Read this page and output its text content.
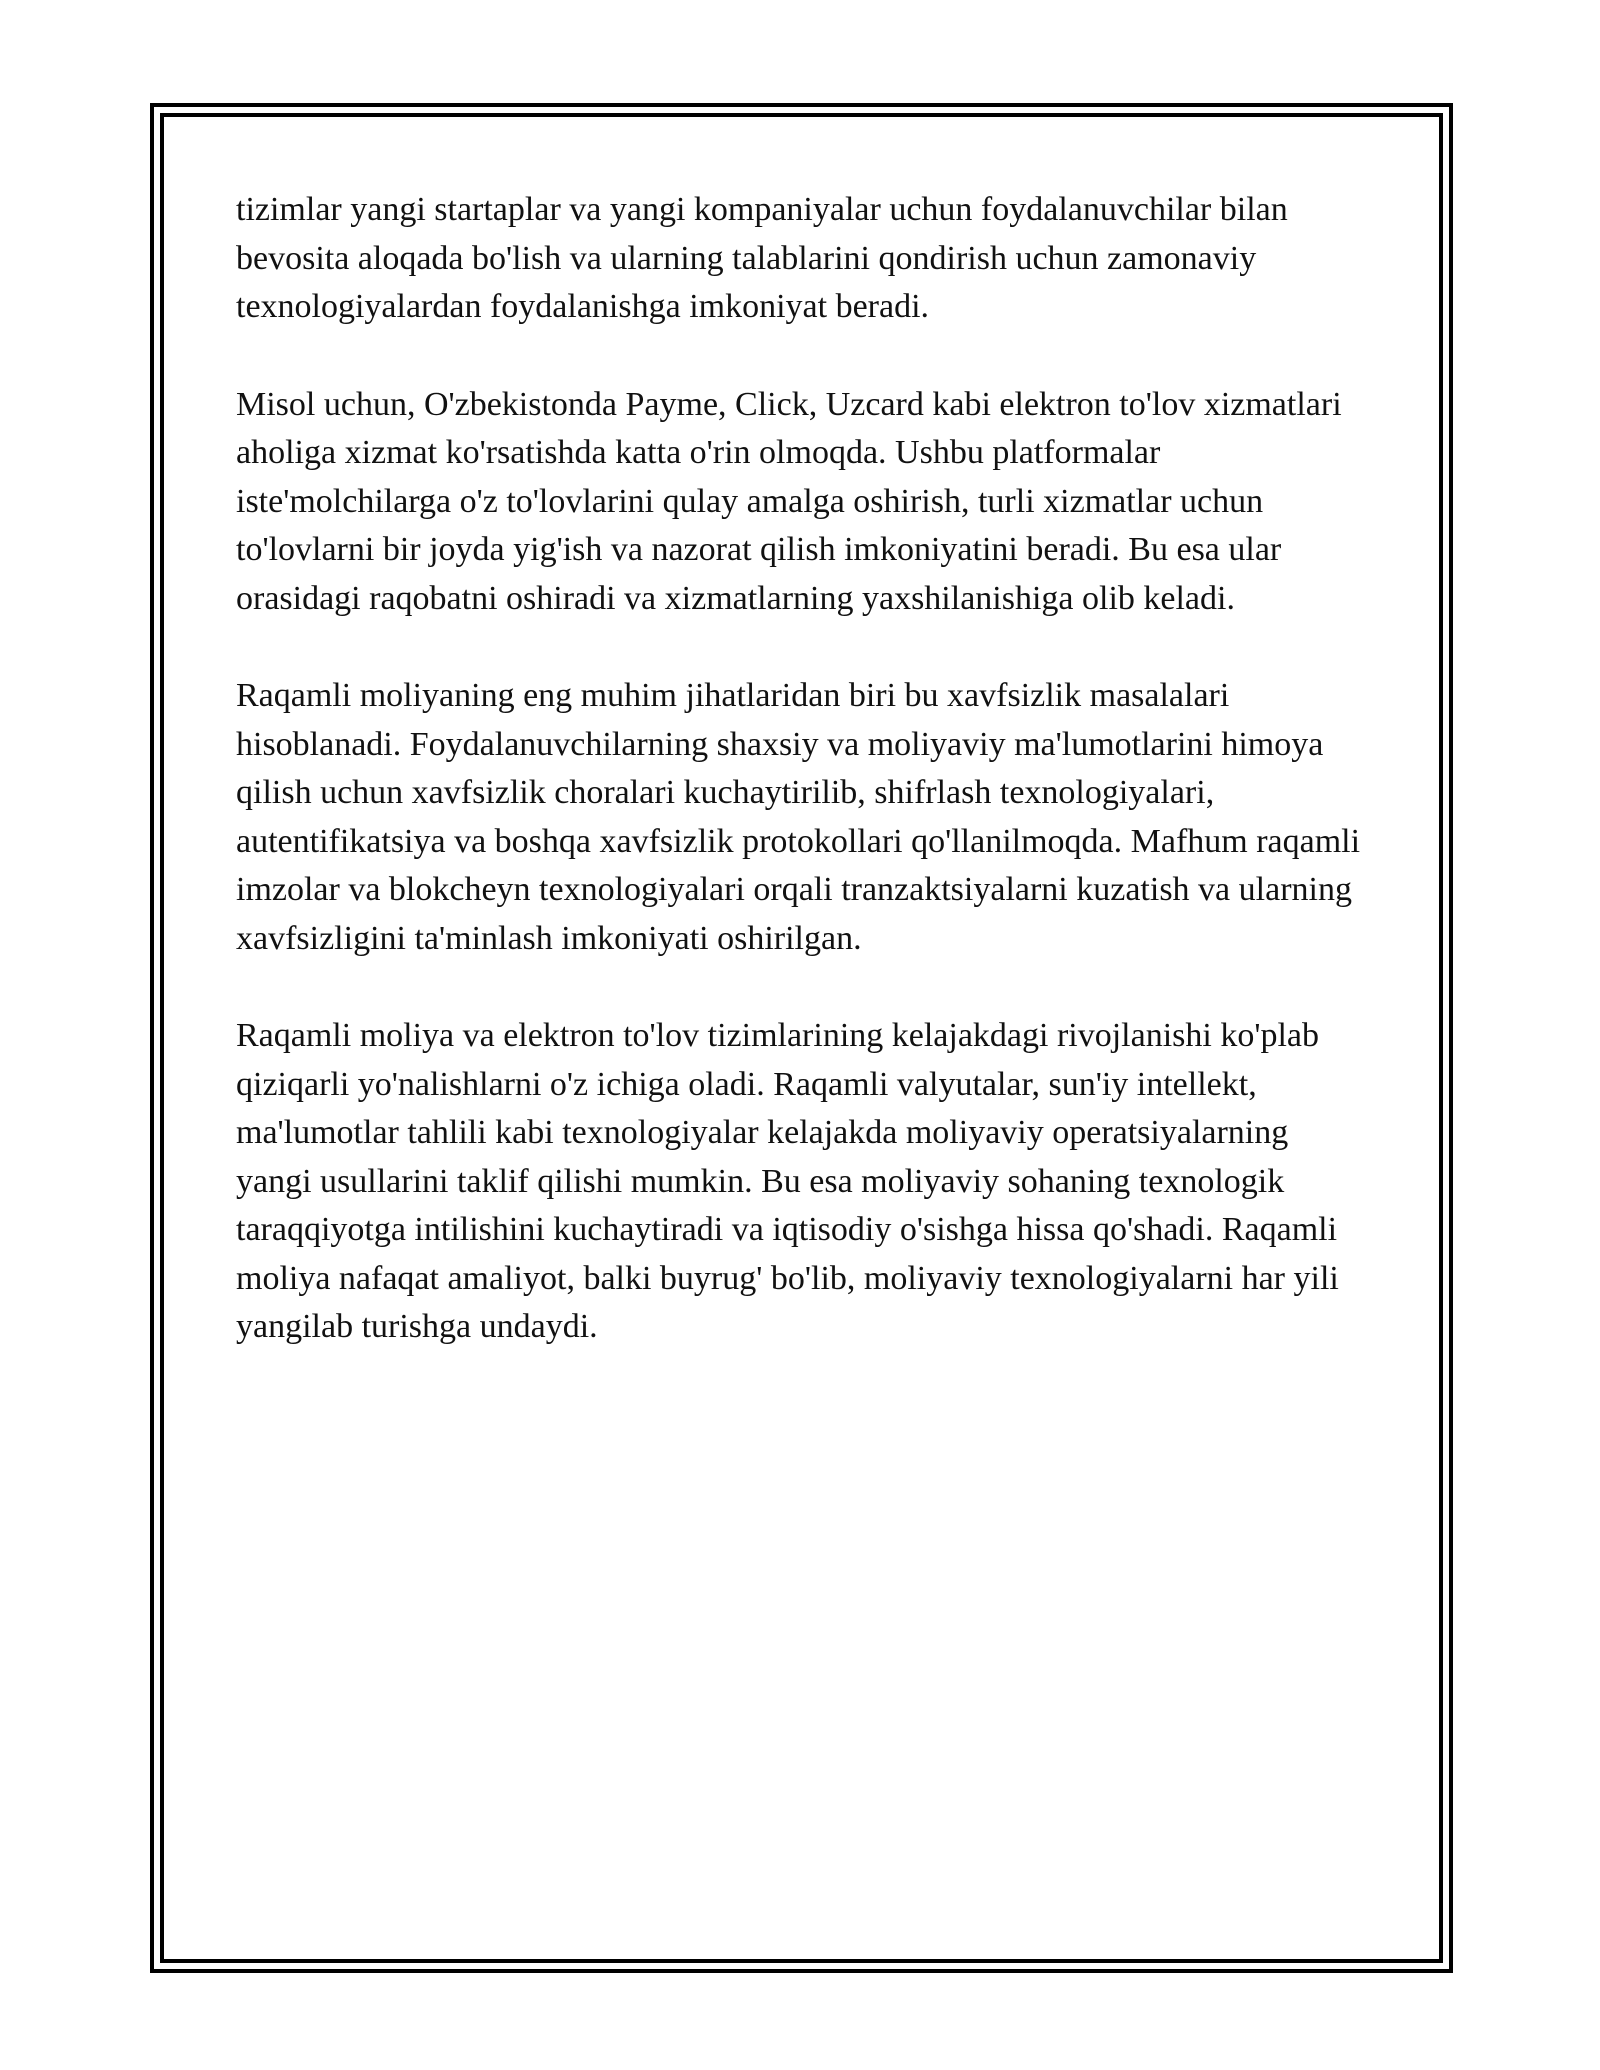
tizimlar yangi startaplar va yangi kompaniyalar uchun foydalanuvchilar bilan bevosita aloqada bo'lish va ularning talablarini qondirish uchun zamonaviy texnologiyalardan foydalanishga imkoniyat beradi.

Misol uchun, O'zbekistonda Payme, Click, Uzcard kabi elektron to'lov xizmatlari aholiga xizmat ko'rsatishda katta o'rin olmoqda. Ushbu platformalar iste'molchilarga o'z to'lovlarini qulay amalga oshirish, turli xizmatlar uchun to'lovlarni bir joyda yig'ish va nazorat qilish imkoniyatini beradi. Bu esa ular orasidagi raqobatni oshiradi va xizmatlarning yaxshilanishiga olib keladi.

Raqamli moliyaning eng muhim jihatlaridan biri bu xavfsizlik masalalari hisoblanadi. Foydalanuvchilarning shaxsiy va moliyaviy ma'lumotlarini himoya qilish uchun xavfsizlik choralari kuchaytirilib, shifrlash texnologiyalari, autentifikatsiya va boshqa xavfsizlik protokollari qo'llanilmoqda. Mafhum raqamli imzolar va blokcheyn texnologiyalari orqali tranzaktsiyalarni kuzatish va ularning xavfsizligini ta'minlash imkoniyati oshirilgan.

Raqamli moliya va elektron to'lov tizimlarining kelajakdagi rivojlanishi ko'plab qiziqarli yo'nalishlarni o'z ichiga oladi. Raqamli valyutalar, sun'iy intellekt, ma'lumotlar tahlili kabi texnologiyalar kelajakda moliyaviy operatsiyalarning yangi usullarini taklif qilishi mumkin. Bu esa moliyaviy sohaning texnologik taraqqiyotga intilishini kuchaytiradi va iqtisodiy o'sishga hissa qo'shadi. Raqamli moliya nafaqat amaliyot, balki buyrug' bo'lib, moliyaviy texnologiyalarni har yili yangilab turishga undaydi.
